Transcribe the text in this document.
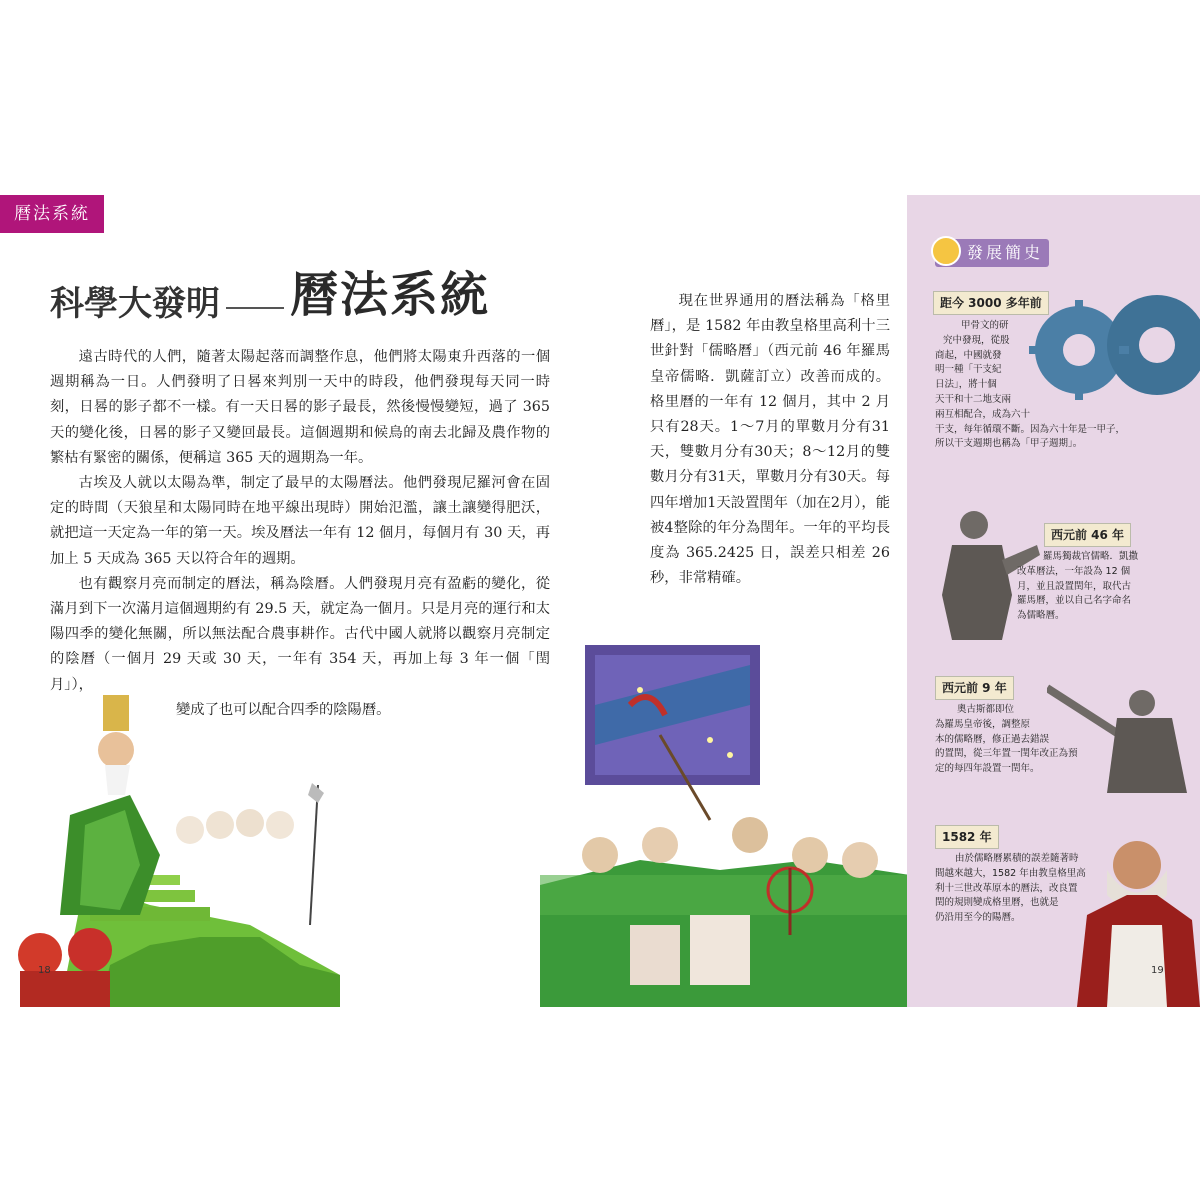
曆法系統
科學大發明 曆法系統

遠古時代的人們，隨著太陽起落而調整作息，他們將太陽東升西落的一個週期稱為一日。人們發明了日晷來判別一天中的時段，他們發現每天同一時刻，日晷的影子都不一樣。有一天日晷的影子最長，然後慢慢變短，過了 365 天的變化後，日晷的影子又變回最長。這個週期和候鳥的南去北歸及農作物的繁枯有緊密的關係，便稱這 365 天的週期為一年。

古埃及人就以太陽為準，制定了最早的太陽曆法。他們發現尼羅河會在固定的時間（天狼星和太陽同時在地平線出現時）開始氾濫，讓土讓變得肥沃，就把這一天定為一年的第一天。埃及曆法一年有 12 個月，每個月有 30 天，再加上 5 天成為 365 天以符合年的週期。

也有觀察月亮而制定的曆法，稱為陰曆。人們發現月亮有盈虧的變化，從滿月到下一次滿月這個週期約有 29.5 天，就定為一個月。只是月亮的運行和太陽四季的變化無關，所以無法配合農事耕作。古代中國人就將以觀察月亮制定的陰曆（一個月 29 天或 30 天，一年有 354 天，再加上每 3 年一個「閏月」），

變成了也可以配合四季的陰陽曆。

現在世界通用的曆法稱為「格里曆」，是 1582 年由教皇格里高利十三世針對「儒略曆」（西元前 46 年羅馬皇帝儒略．凱薩訂立）改善而成的。格里曆的一年有 12 個月，其中 2 月只有28天。1～7月的單數月分有31天，雙數月分有30天；8～12月的雙數月分有31天，單數月分有30天。每四年增加1天設置閏年（加在2月），能被4整除的年分為閏年。一年的平均長度為 365.2425 日，誤差只相差 26 秒，非常精確。

18
發展簡史
距今 3000 多年前
甲骨文的研
究中發現，從殷
商起，中國就發
明一種「干支紀
日法」，將十個
天干和十二地支兩
兩互相配合，成為六十
干支，每年循環不斷。因為六十年是一甲子，
所以干支週期也稱為「甲子週期」。
西元前 46 年
羅馬獨裁官儒略．凱撒
改革曆法，一年設為 12 個
月，並且設置閏年，取代古
羅馬曆，並以自己名字命名
為儒略曆。
西元前 9 年
奧古斯都即位
為羅馬皇帝後，調整原
本的儒略曆，修正過去錯誤
的置閏，從三年置一閏年改正為預
定的每四年設置一閏年。
1582 年
由於儒略曆累積的誤差隨著時
間越來越大，1582 年由教皇格里高
利十三世改革原本的曆法，改良置
閏的規則變成格里曆，也就是
仍沿用至今的陽曆。
19
